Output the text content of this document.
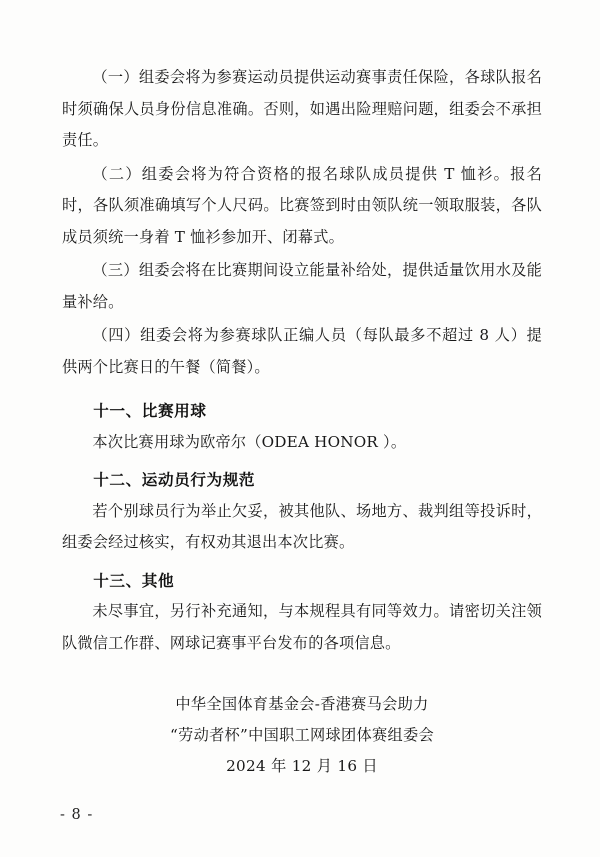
（一）组委会将为参赛运动员提供运动赛事责任保险，各球队报名时须确保人员身份信息准确。否则，如遇出险理赔问题，组委会不承担责任。

（二）组委会将为符合资格的报名球队成员提供 T 恤衫。报名时，各队须准确填写个人尺码。比赛签到时由领队统一领取服装，各队成员须统一身着 T 恤衫参加开、闭幕式。

（三）组委会将在比赛期间设立能量补给处，提供适量饮用水及能量补给。

（四）组委会将为参赛球队正编人员（每队最多不超过 8 人）提供两个比赛日的午餐（简餐）。

十一、比赛用球

本次比赛用球为欧帝尔（ODEA HONOR ）。

十二、运动员行为规范

若个别球员行为举止欠妥，被其他队、场地方、裁判组等投诉时，组委会经过核实，有权劝其退出本次比赛。

十三、其他

未尽事宜，另行补充通知，与本规程具有同等效力。请密切关注领队微信工作群、网球记赛事平台发布的各项信息。

中华全国体育基金会-香港赛马会助力
“劳动者杯”中国职工网球团体赛组委会
2024 年 12 月 16 日
- 8 -
